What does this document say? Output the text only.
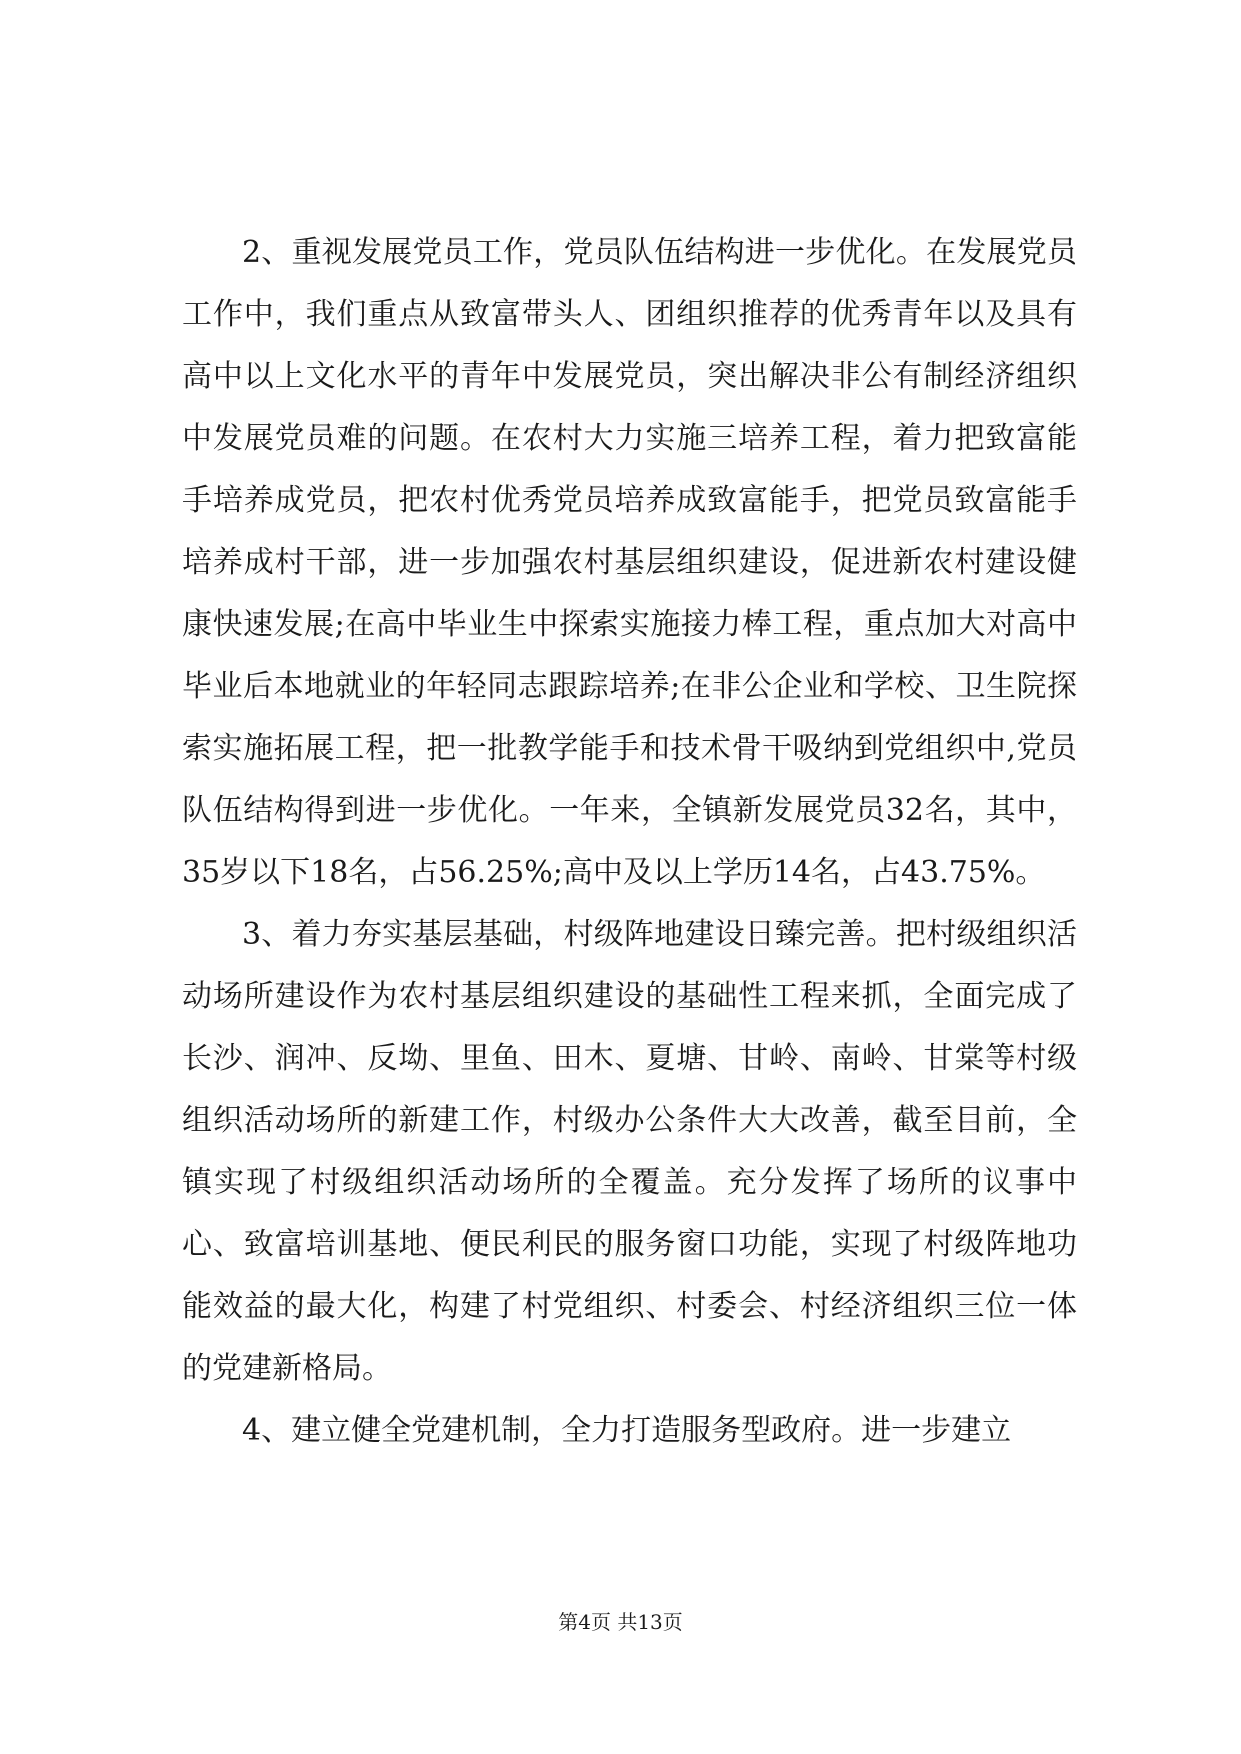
2、重视发展党员工作，党员队伍结构进一步优化。在发展党员工作中，我们重点从致富带头人、团组织推荐的优秀青年以及具有高中以上文化水平的青年中发展党员，突出解决非公有制经济组织中发展党员难的问题。在农村大力实施三培养工程，着力把致富能手培养成党员，把农村优秀党员培养成致富能手，把党员致富能手培养成村干部，进一步加强农村基层组织建设，促进新农村建设健康快速发展;在高中毕业生中探索实施接力棒工程，重点加大对高中毕业后本地就业的年轻同志跟踪培养;在非公企业和学校、卫生院探索实施拓展工程，把一批教学能手和技术骨干吸纳到党组织中,党员队伍结构得到进一步优化。一年来，全镇新发展党员32名，其中，35岁以下18名，占56.25%;高中及以上学历14名，占43.75%。

3、着力夯实基层基础，村级阵地建设日臻完善。把村级组织活动场所建设作为农村基层组织建设的基础性工程来抓，全面完成了长沙、润冲、反坳、里鱼、田木、夏塘、甘岭、南岭、甘棠等村级组织活动场所的新建工作，村级办公条件大大改善，截至目前，全镇实现了村级组织活动场所的全覆盖。充分发挥了场所的议事中心、致富培训基地、便民利民的服务窗口功能，实现了村级阵地功能效益的最大化，构建了村党组织、村委会、村经济组织三位一体的党建新格局。

4、建立健全党建机制，全力打造服务型政府。进一步建立

第4页 共13页
